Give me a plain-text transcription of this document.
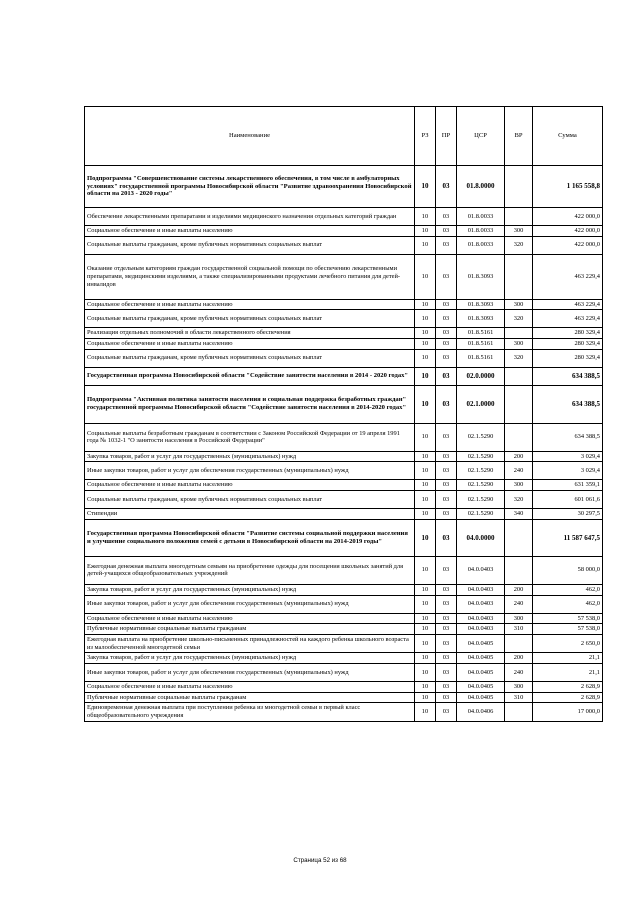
Наименование	РЗ	ПР	ЦСР	ВР	Сумма
Подпрограмма "Совершенствование системы лекарственного обеспечения, в том числе в амбулаторных условиях" государственной программы Новосибирской области "Развитие здравоохранения Новосибирской области на 2013 - 2020 годы"	10	03	01.8.0000		1 165 558,8
Обеспечение лекарственными препаратами и изделиями медицинского назначения отдельных категорий граждан	10	03	01.8.0033		422 000,0
Социальное обеспечение и иные выплаты населению	10	03	01.8.0033	300	422 000,0
Социальные выплаты гражданам, кроме публичных нормативных социальных выплат	10	03	01.8.0033	320	422 000,0
Оказание отдельным категориям граждан государственной социальной помощи по обеспечению лекарственными препаратами, медицинскими изделиями, а также специализированными продуктами лечебного питания для детей-инвалидов	10	03	01.8.3093		463 229,4
Социальное обеспечение и иные выплаты населению	10	03	01.8.3093	300	463 229,4
Социальные выплаты гражданам, кроме публичных нормативных социальных выплат	10	03	01.8.3093	320	463 229,4
Реализация отдельных полномочий в области лекарственного обеспечения	10	03	01.8.5161		280 329,4
Социальное обеспечение и иные выплаты населению	10	03	01.8.5161	300	280 329,4
Социальные выплаты гражданам, кроме публичных нормативных социальных выплат	10	03	01.8.5161	320	280 329,4
Государственная программа Новосибирской области "Содействие занятости населения в 2014 - 2020 годах"	10	03	02.0.0000		634 388,5
Подпрограмма "Активная политика занятости населения и социальная поддержка безработных граждан" государственной программы Новосибирской области "Содействие занятости населения в 2014-2020 годах"	10	03	02.1.0000		634 388,5
Социальные выплаты безработным гражданам в соответствии с Законом Российской Федерации от 19 апреля 1991 года № 1032-1 "О занятости населения в Российской Федерации"	10	03	02.1.5290		634 388,5
Закупка товаров, работ и услуг для государственных (муниципальных) нужд	10	03	02.1.5290	200	3 029,4
Иные закупки товаров, работ и услуг для обеспечения государственных (муниципальных) нужд	10	03	02.1.5290	240	3 029,4
Социальное обеспечение и иные выплаты населению	10	03	02.1.5290	300	631 359,1
Социальные выплаты гражданам, кроме публичных нормативных социальных выплат	10	03	02.1.5290	320	601 061,6
Стипендии	10	03	02.1.5290	340	30 297,5
Государственная программа Новосибирской области "Развитие системы социальной поддержки населения и улучшение социального положения семей с детьми в Новосибирской области на 2014-2019 годы"	10	03	04.0.0000		11 587 647,5
Ежегодная денежная выплата многодетным семьям на приобретение одежды для посещения школьных занятий для детей-учащихся общеобразовательных учреждений	10	03	04.0.0403		58 000,0
Закупка товаров, работ и услуг для государственных (муниципальных) нужд	10	03	04.0.0403	200	462,0
Иные закупки товаров, работ и услуг для обеспечения государственных (муниципальных) нужд	10	03	04.0.0403	240	462,0
Социальное обеспечение и иные выплаты населению	10	03	04.0.0403	300	57 538,0
Публичные нормативные социальные выплаты гражданам	10	03	04.0.0403	310	57 538,0
Ежегодная выплата на приобретение школьно-письменных принадлежностей на каждого ребенка школьного возраста из малообеспеченной многодетной семьи	10	03	04.0.0405		2 650,0
Закупка товаров, работ и услуг для государственных (муниципальных) нужд	10	03	04.0.0405	200	21,1
Иные закупки товаров, работ и услуг для обеспечения государственных (муниципальных) нужд	10	03	04.0.0405	240	21,1
Социальное обеспечение и иные выплаты населению	10	03	04.0.0405	300	2 628,9
Публичные нормативные социальные выплаты гражданам	10	03	04.0.0405	310	2 628,9
Единовременная денежная выплата при поступлении ребенка из многодетной семьи в первый класс общеобразовательного учреждения	10	03	04.0.0406		17 000,0
Страница 52 из 68
